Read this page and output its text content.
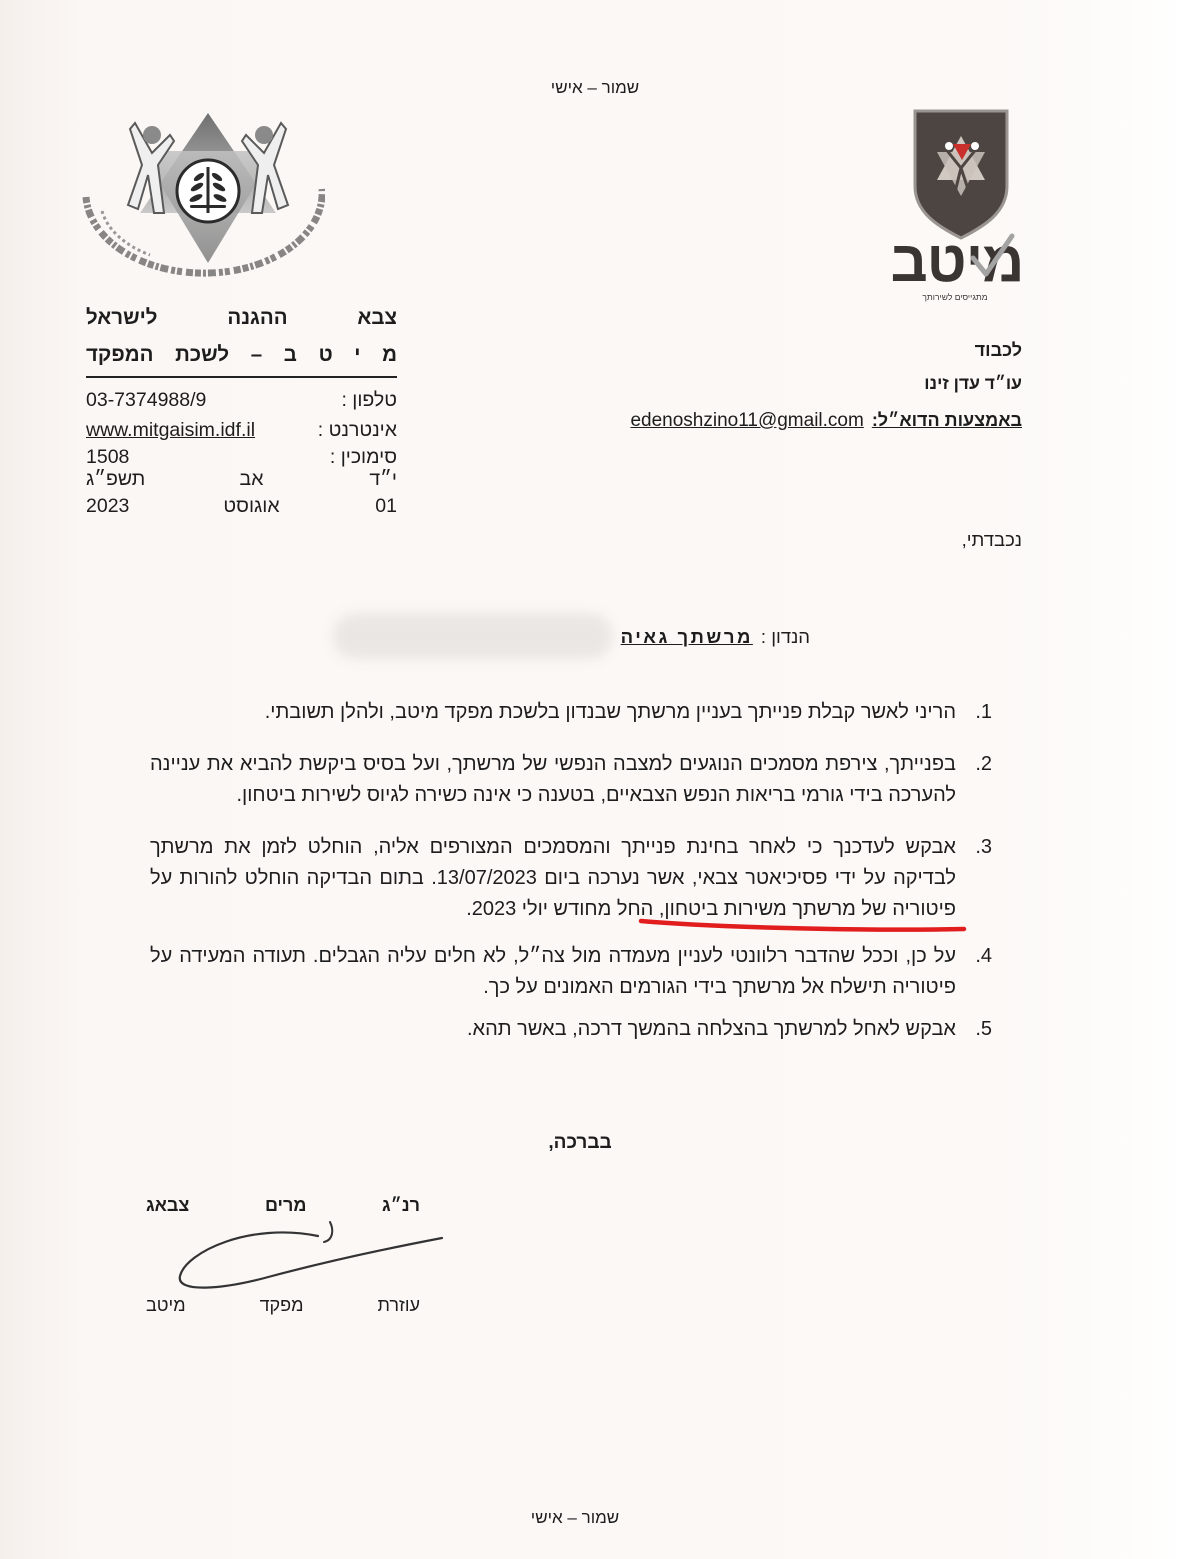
שמור – אישי
מיטב
מתגייסים לשירותך
צבא ההגנה לישראל
מ י ט ב – לשכת המפקד
טלפון :
03-7374988/9
אינטרנט :
www.mitgaisim.idf.il
סימוכין :
1508
י״ד
אב
תשפ״ג
01
אוגוסט
2023
לכבוד
עו״ד עדן זינו
באמצעות הדוא״ל:edenoshzino11@gmail.com
נכבדתי,
הנדון :
מרשתך גאיה
1.
הריני לאשר קבלת פנייתך בעניין מרשתך שבנדון בלשכת מפקד מיטב, ולהלן תשובתי.
2.
בפנייתך, צירפת מסמכים הנוגעים למצבה הנפשי של מרשתך, ועל בסיס ביקשת להביא את עניינה
להערכה בידי גורמי בריאות הנפש הצבאיים, בטענה כי אינה כשירה לגיוס לשירות ביטחון.
3.
אבקש לעדכנך כי לאחר בחינת פנייתך והמסמכים המצורפים אליה, הוחלט לזמן את מרשתך
לבדיקה על ידי פסיכיאטר צבאי, אשר נערכה ביום 13/07/2023. בתום הבדיקה הוחלט להורות על
פיטוריה של מרשתך משירות ביטחון, החל מחודש יולי 2023.
4.
על כן, וככל שהדבר רלוונטי לעניין מעמדה מול צה״ל, לא חלים עליה הגבלים. תעודה המעידה על
פיטוריה תישלח אל מרשתך בידי הגורמים האמונים על כך.
5.
אבקש לאחל למרשתך בהצלחה בהמשך דרכה, באשר תהא.
בברכה,
רנ״ג
מרים
צבאג
עוזרת
מפקד
מיטב
שמור – אישי
